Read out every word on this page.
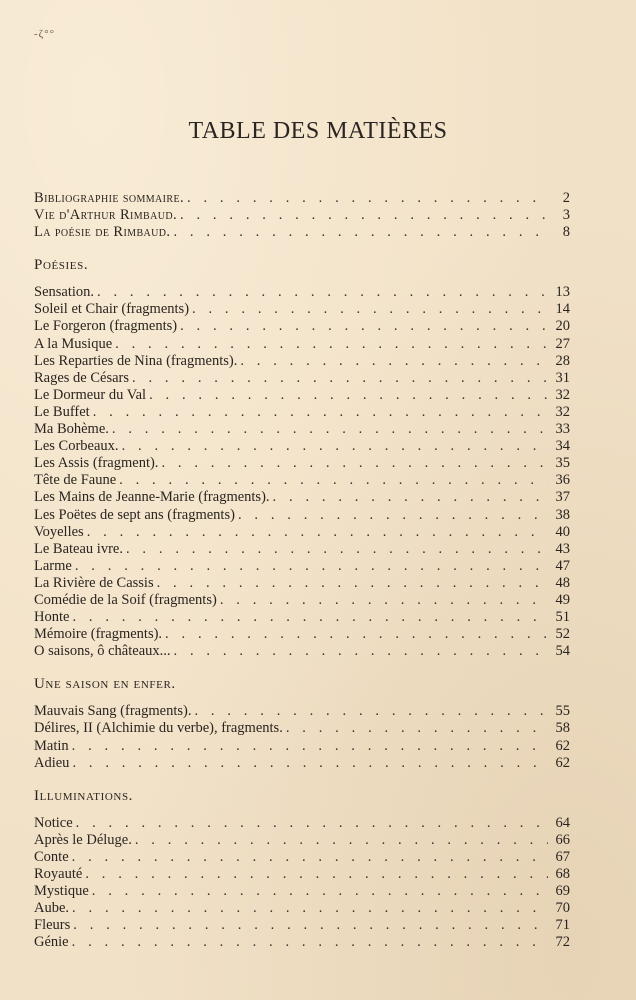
-ζ°°
TABLE DES MATIÈRES
Bibliographie sommaire. . . .	2
Vie d'Arthur Rimbaud. . . .	3
La poésie de Rimbaud. . . .	8
Poésies.
Sensation. . . .	13
Soleil et Chair (fragments) . . .	14
Le Forgeron (fragments) . . .	20
A la Musique . . .	27
Les Reparties de Nina (fragments). . . .	28
Rages de Césars . . .	31
Le Dormeur du Val . . .	32
Le Buffet . . .	32
Ma Bohème. . . .	33
Les Corbeaux. . . .	34
Les Assis (fragment). . . .	35
Tête de Faune . . .	36
Les Mains de Jeanne-Marie (fragments). . . .	37
Les Poëtes de sept ans (fragments) . . .	38
Voyelles . . .	40
Le Bateau ivre. . . .	43
Larme . . .	47
La Rivière de Cassis . . .	48
Comédie de la Soif (fragments) . . .	49
Honte . . .	51
Mémoire (fragments). . . .	52
O saisons, ô châteaux... . . .	54
Une saison en enfer.
Mauvais Sang (fragments). . . .	55
Délires, II (Alchimie du verbe), fragments. . . .	58
Matin . . .	62
Adieu . . .	62
Illuminations.
Notice . . .	64
Après le Déluge. . . .	66
Conte . . .	67
Royauté . . .	68
Mystique . . .	69
Aube. . . .	70
Fleurs . . .	71
Génie . . .	72
